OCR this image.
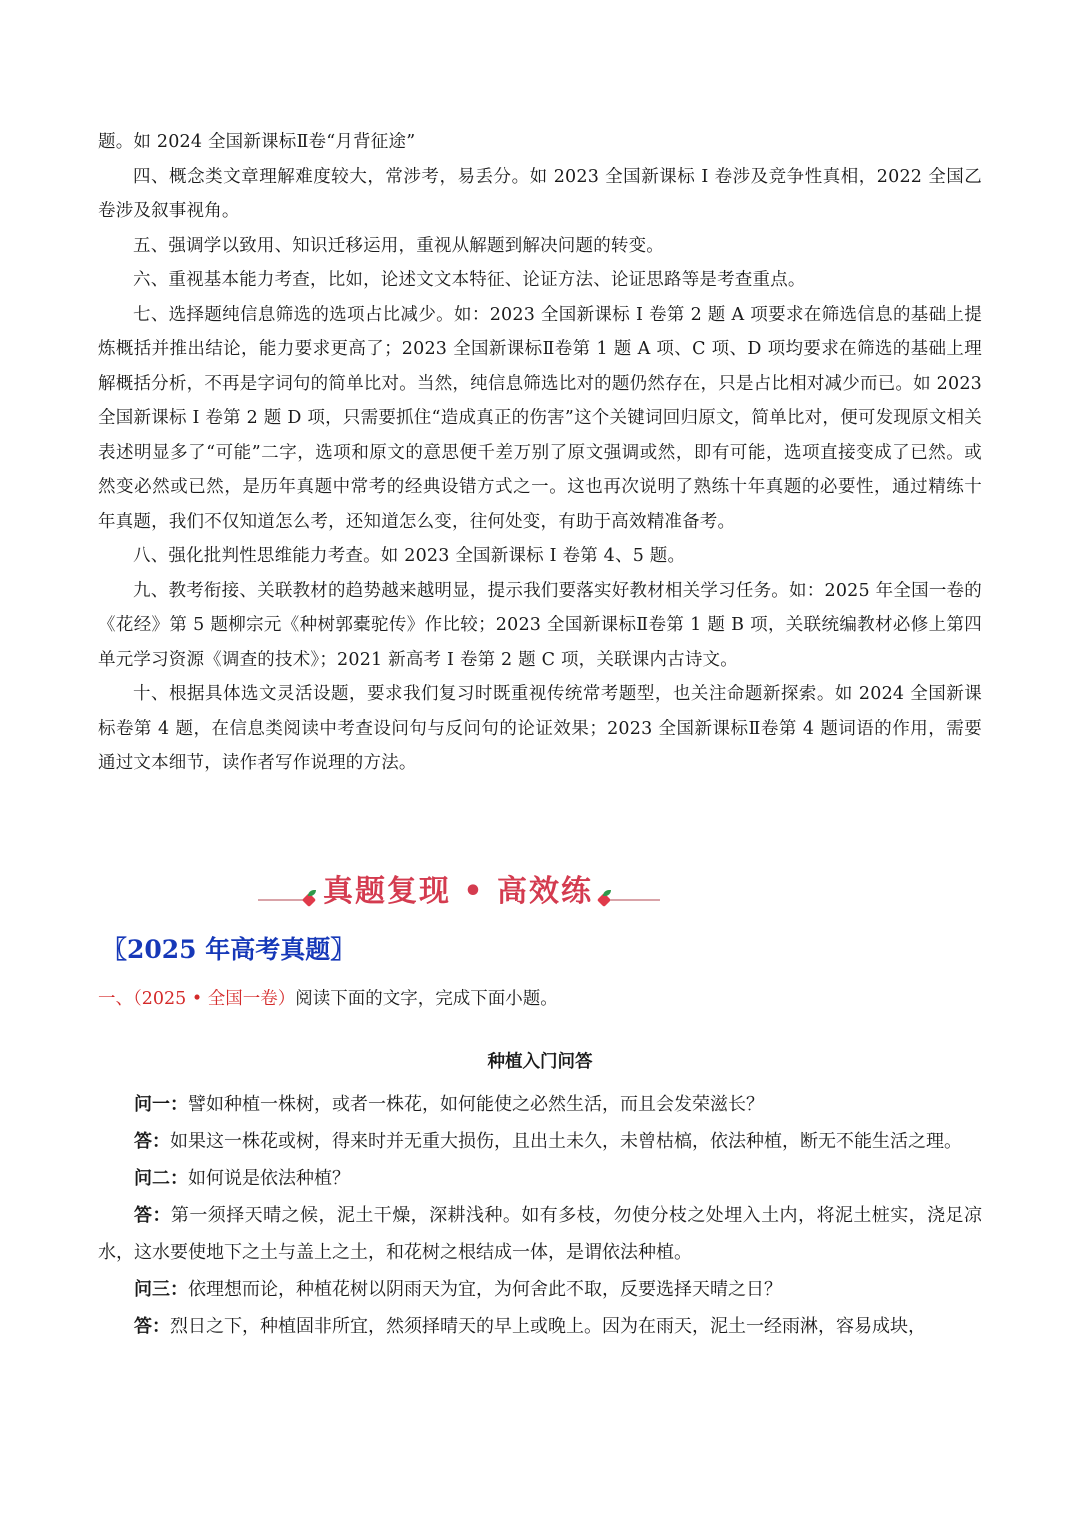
题。如 2024 全国新课标Ⅱ卷“月背征途”

四、概念类文章理解难度较大，常涉考，易丢分。如 2023 全国新课标 I 卷涉及竞争性真相，2022 全国乙卷涉及叙事视角。

五、强调学以致用、知识迁移运用，重视从解题到解决问题的转变。

六、重视基本能力考查，比如，论述文文本特征、论证方法、论证思路等是考查重点。

七、选择题纯信息筛选的选项占比减少。如：2023 全国新课标 I 卷第 2 题 A 项要求在筛选信息的基础上提炼概括并推出结论，能力要求更高了；2023 全国新课标Ⅱ卷第 1 题 A 项、C 项、D 项均要求在筛选的基础上理解概括分析，不再是字词句的简单比对。当然，纯信息筛选比对的题仍然存在，只是占比相对减少而已。如 2023 全国新课标 I 卷第 2 题 D 项，只需要抓住“造成真正的伤害”这个关键词回归原文，简单比对，便可发现原文相关表述明显多了“可能”二字，选项和原文的意思便千差万别了原文强调或然，即有可能，选项直接变成了已然。或然变必然或已然，是历年真题中常考的经典设错方式之一。这也再次说明了熟练十年真题的必要性，通过精练十年真题，我们不仅知道怎么考，还知道怎么变，往何处变，有助于高效精准备考。

八、强化批判性思维能力考查。如 2023 全国新课标 I 卷第 4、5 题。

九、教考衔接、关联教材的趋势越来越明显，提示我们要落实好教材相关学习任务。如：2025 年全国一卷的《花经》第 5 题柳宗元《种树郭橐驼传》作比较；2023 全国新课标Ⅱ卷第 1 题 B 项，关联统编教材必修上第四单元学习资源《调查的技术》；2021 新高考 I 卷第 2 题 C 项，关联课内古诗文。

十、根据具体选文灵活设题，要求我们复习时既重视传统常考题型，也关注命题新探索。如 2024 全国新课标卷第 4 题，在信息类阅读中考查设问句与反问句的论证效果；2023 全国新课标Ⅱ卷第 4 题词语的作用，需要通过文本细节，读作者写作说理的方法。

真题复现 • 高效练
〖2025 年高考真题〗
一、（2025 • 全国一卷）阅读下面的文字，完成下面小题。
种植入门问答

问一：譬如种植一株树，或者一株花，如何能使之必然生活，而且会发荣滋长？

答：如果这一株花或树，得来时并无重大损伤，且出土未久，未曾枯槁，依法种植，断无不能生活之理。

问二：如何说是依法种植？

答：第一须择天晴之候，泥土干燥，深耕浅种。如有多枝，勿使分枝之处埋入土内，将泥土桩实，浇足凉水，这水要使地下之土与盖上之土，和花树之根结成一体，是谓依法种植。

问三：依理想而论，种植花树以阴雨天为宜，为何舍此不取，反要选择天晴之日？

答：烈日之下，种植固非所宜，然须择晴天的早上或晚上。因为在雨天，泥土一经雨淋，容易成块，
